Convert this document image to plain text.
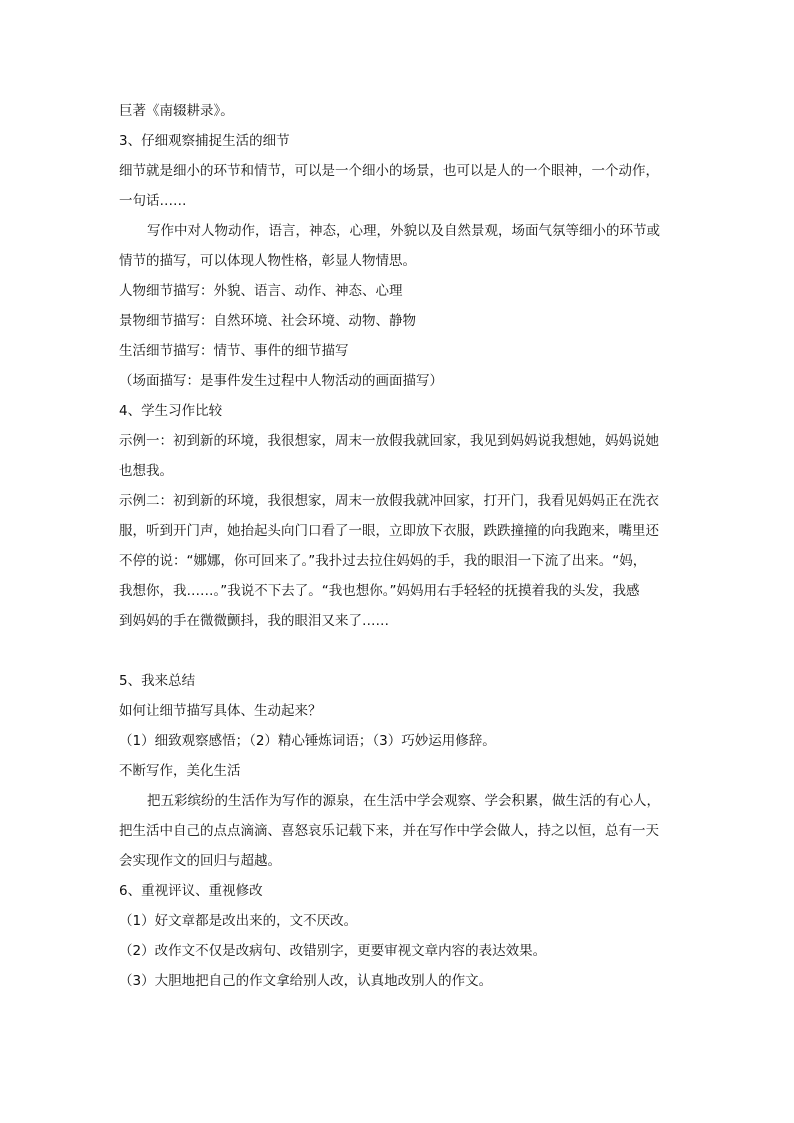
巨著《南辍耕录》。
3、仔细观察捕捉生活的细节
细节就是细小的环节和情节，可以是一个细小的场景，也可以是人的一个眼神，一个动作，
一句话……
写作中对人物动作，语言，神态，心理，外貌以及自然景观，场面气氛等细小的环节或
情节的描写，可以体现人物性格，彰显人物情思。
人物细节描写：外貌、语言、动作、神态、心理
景物细节描写：自然环境、社会环境、动物、静物
生活细节描写：情节、事件的细节描写
（场面描写：是事件发生过程中人物活动的画面描写）
4、学生习作比较
示例一：初到新的环境，我很想家，周末一放假我就回家，我见到妈妈说我想她，妈妈说她
也想我。
示例二：初到新的环境，我很想家，周末一放假我就冲回家，打开门，我看见妈妈正在洗衣
服，听到开门声，她抬起头向门口看了一眼，立即放下衣服，跌跌撞撞的向我跑来，嘴里还
不停的说：“娜娜，你可回来了。”我扑过去拉住妈妈的手，我的眼泪一下流了出来。“妈，
我想你，我……。”我说不下去了。“我也想你。”妈妈用右手轻轻的抚摸着我的头发，我感
到妈妈的手在微微颤抖，我的眼泪又来了……
5、我来总结
如何让细节描写具体、生动起来？
（1）细致观察感悟；（2）精心锤炼词语；（3）巧妙运用修辞。
不断写作，美化生活
把五彩缤纷的生活作为写作的源泉，在生活中学会观察、学会积累，做生活的有心人，
把生活中自己的点点滴滴、喜怒哀乐记载下来，并在写作中学会做人，持之以恒，总有一天
会实现作文的回归与超越。
6、重视评议、重视修改
（1）好文章都是改出来的，文不厌改。
（2）改作文不仅是改病句、改错别字，更要审视文章内容的表达效果。
（3）大胆地把自己的作文拿给别人改，认真地改别人的作文。
